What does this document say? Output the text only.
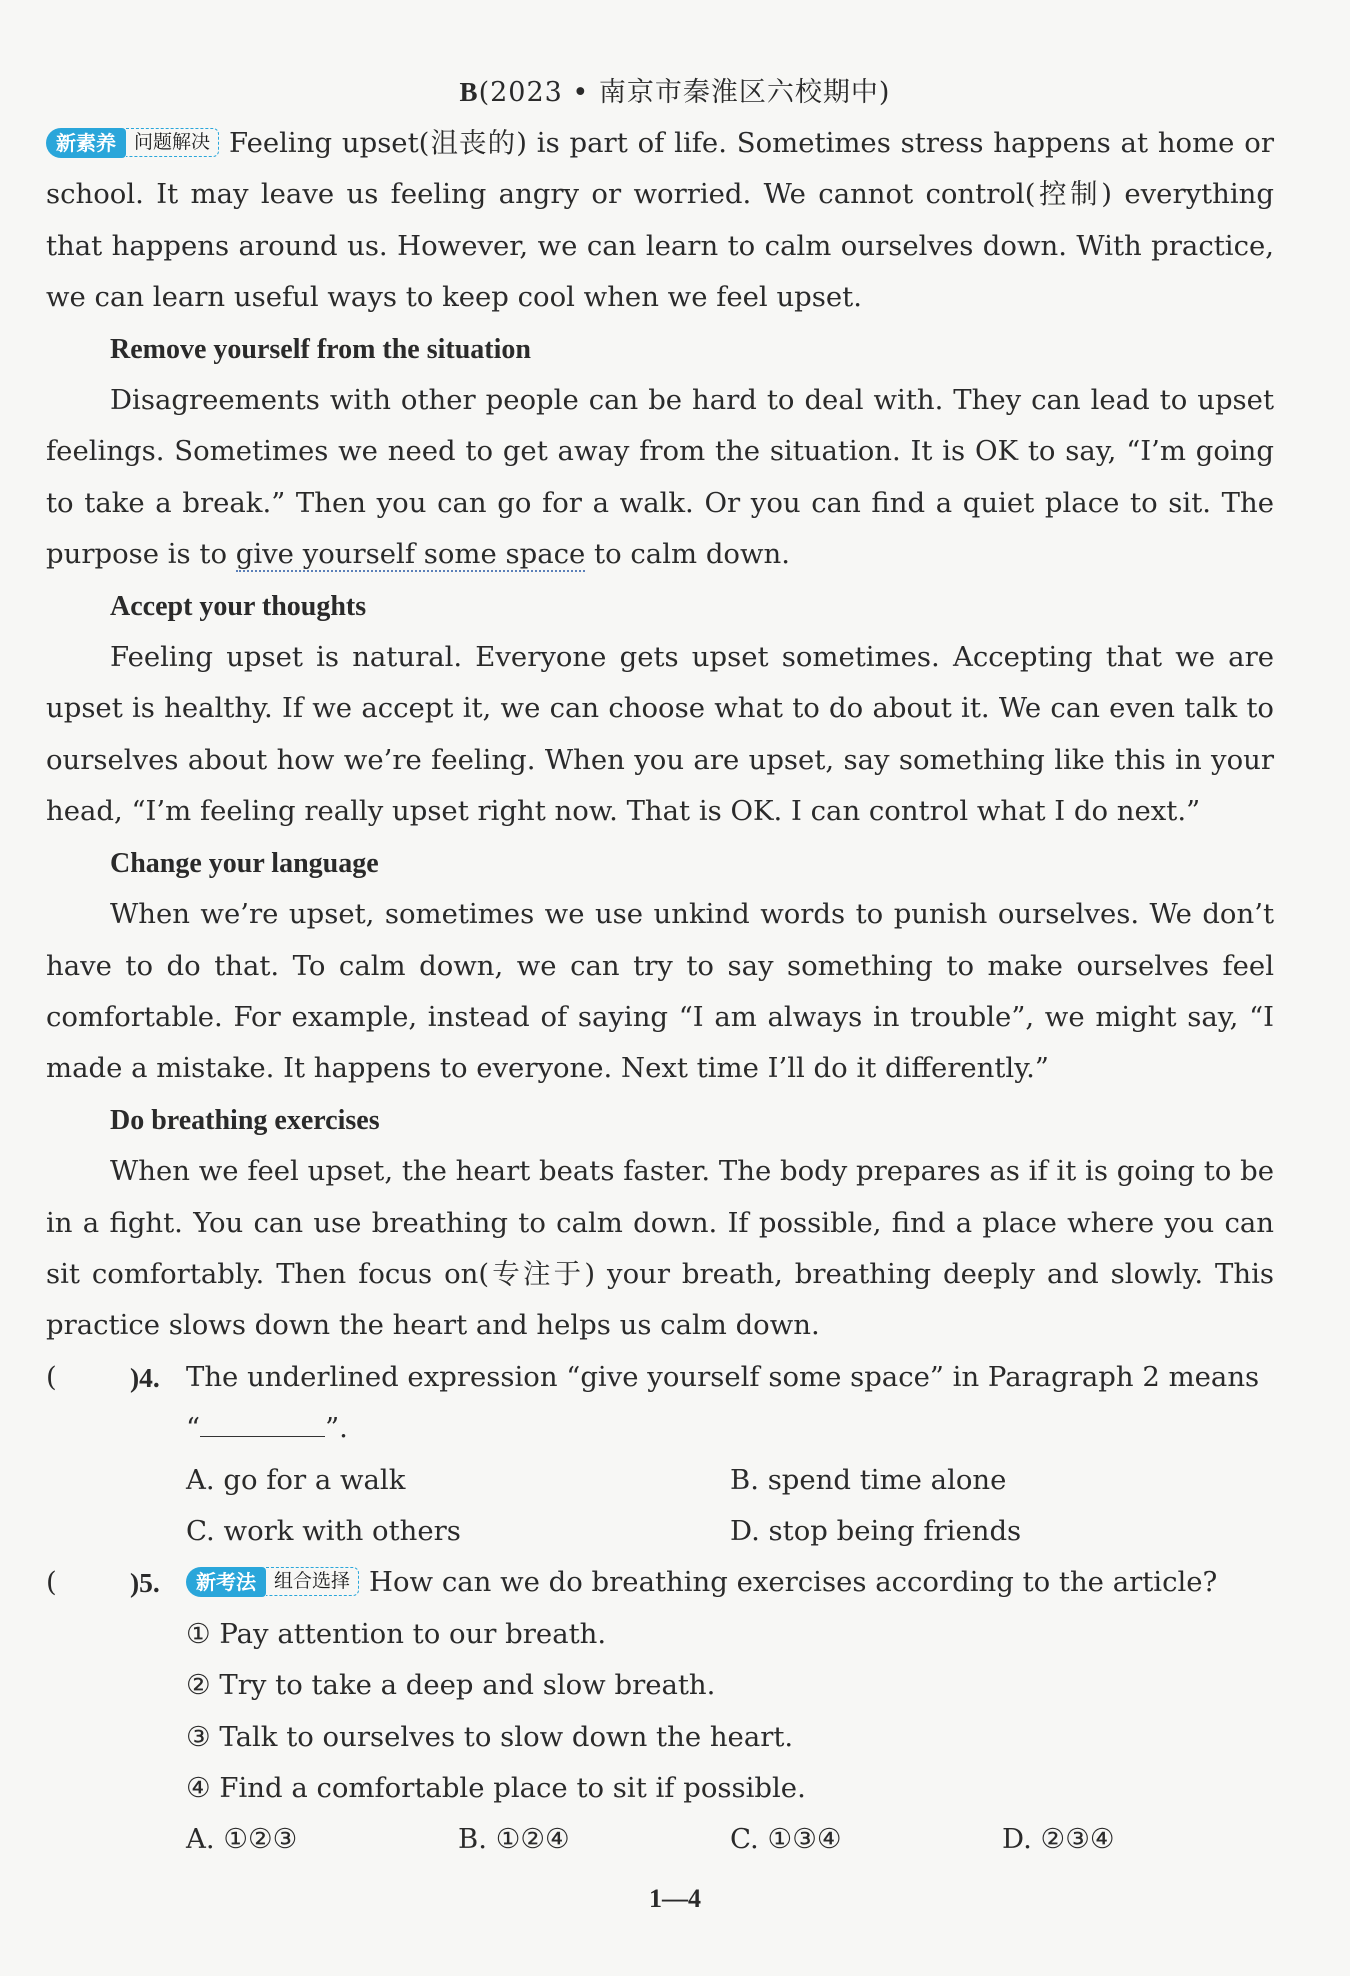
B(2023 • 南京市秦淮区六校期中)

新素养 问题解决 Feeling upset(沮丧的) is part of life. Sometimes stress happens at home or school. It may leave us feeling angry or worried. We cannot control(控制) everything that happens around us. However, we can learn to calm ourselves down. With practice, we can learn useful ways to keep cool when we feel upset.

Remove yourself from the situation

Disagreements with other people can be hard to deal with. They can lead to upset feelings. Sometimes we need to get away from the situation. It is OK to say, “I’m going to take a break.” Then you can go for a walk. Or you can find a quiet place to sit. The purpose is to give yourself some space to calm down.

Accept your thoughts

Feeling upset is natural. Everyone gets upset sometimes. Accepting that we are upset is healthy. If we accept it, we can choose what to do about it. We can even talk to ourselves about how we’re feeling. When you are upset, say something like this in your head, “I’m feeling really upset right now. That is OK. I can control what I do next.”

Change your language

When we’re upset, sometimes we use unkind words to punish ourselves. We don’t have to do that. To calm down, we can try to say something to make ourselves feel comfortable. For example, instead of saying “I am always in trouble”, we might say, “I made a mistake. It happens to everyone. Next time I’ll do it differently.”

Do breathing exercises

When we feel upset, the heart beats faster. The body prepares as if it is going to be in a fight. You can use breathing to calm down. If possible, find a place where you can sit comfortably. Then focus on(专注于) your breath, breathing deeply and slowly. This practice slows down the heart and helps us calm down.

(	)4. The underlined expression “give yourself some space” in Paragraph 2 means

“	”.

A. go for a walk	B. spend time alone
C. work with others	D. stop being friends
(	)5.	新考法 组合选择 How can we do breathing exercises according to the article?

① Pay attention to our breath.

② Try to take a deep and slow breath.

③ Talk to ourselves to slow down the heart.

④ Find a comfortable place to sit if possible.

A. ①②③	B. ①②④	C. ①③④	D. ②③④
1—4
